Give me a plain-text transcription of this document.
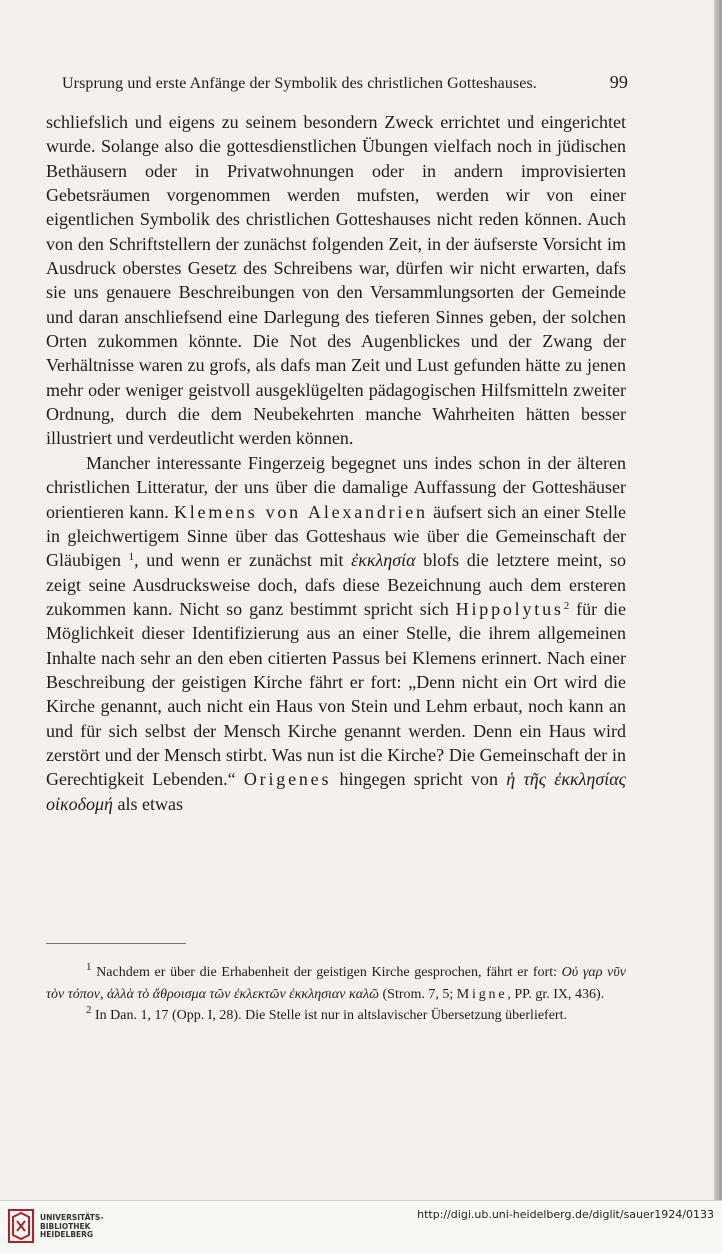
Ursprung und erste Anfänge der Symbolik des christlichen Gotteshauses.	99

schliefslich und eigens zu seinem besondern Zweck errichtet und eingerichtet wurde. Solange also die gottesdienstlichen Übungen vielfach noch in jüdischen Bethäusern oder in Privatwohnungen oder in andern improvisierten Gebetsräumen vorgenommen werden mufsten, werden wir von einer eigentlichen Symbolik des christlichen Gotteshauses nicht reden können. Auch von den Schriftstellern der zunächst folgenden Zeit, in der äufserste Vorsicht im Ausdruck oberstes Gesetz des Schreibens war, dürfen wir nicht erwarten, dafs sie uns genauere Beschreibungen von den Versammlungsorten der Gemeinde und daran anschliefsend eine Darlegung des tieferen Sinnes geben, der solchen Orten zukommen könnte. Die Not des Augenblickes und der Zwang der Verhältnisse waren zu grofs, als dafs man Zeit und Lust gefunden hätte zu jenen mehr oder weniger geistvoll ausgeklügelten pädagogischen Hilfsmitteln zweiter Ordnung, durch die dem Neubekehrten manche Wahrheiten hätten besser illustriert und verdeutlicht werden können.

Mancher interessante Fingerzeig begegnet uns indes schon in der älteren christlichen Litteratur, der uns über die damalige Auffassung der Gotteshäuser orientieren kann. Klemens von Alexandrien äufsert sich an einer Stelle in gleichwertigem Sinne über das Gotteshaus wie über die Gemeinschaft der Gläubigen $^1$, und wenn er zunächst mit ἐκκλησία blofs die letztere meint, so zeigt seine Ausdrucksweise doch, dafs diese Bezeichnung auch dem ersteren zukommen kann. Nicht so ganz bestimmt spricht sich Hippolytus$^2$ für die Möglichkeit dieser Identifizierung aus an einer Stelle, die ihrem allgemeinen Inhalte nach sehr an den eben citierten Passus bei Klemens erinnert. Nach einer Beschreibung der geistigen Kirche fährt er fort: „Denn nicht ein Ort wird die Kirche genannt, auch nicht ein Haus von Stein und Lehm erbaut, noch kann an und für sich selbst der Mensch Kirche genannt werden. Denn ein Haus wird zerstört und der Mensch stirbt. Was nun ist die Kirche? Die Gemeinschaft der in Gerechtigkeit Lebenden.“ Origenes hingegen spricht von ἡ τῆς ἐκκλησίας οἰκοδομή als etwas

$^1$ Nachdem er über die Erhabenheit der geistigen Kirche gesprochen, fährt er fort: Οὐ γαρ νῦν τὸν τόπον, ἀλλὰ τὸ ἄθροισμα τῶν ἐκλεκτῶν ἐκκλησιαν καλῶ (Strom. 7, 5; Migne, PP. gr. IX, 436).

$^2$ In Dan. 1, 17 (Opp. I, 28). Die Stelle ist nur in altslavischer Übersetzung überliefert.

UNIVERSITÄTS-
BIBLIOTHEK
HEIDELBERG
http://digi.ub.uni-heidelberg.de/diglit/sauer1924/0133
